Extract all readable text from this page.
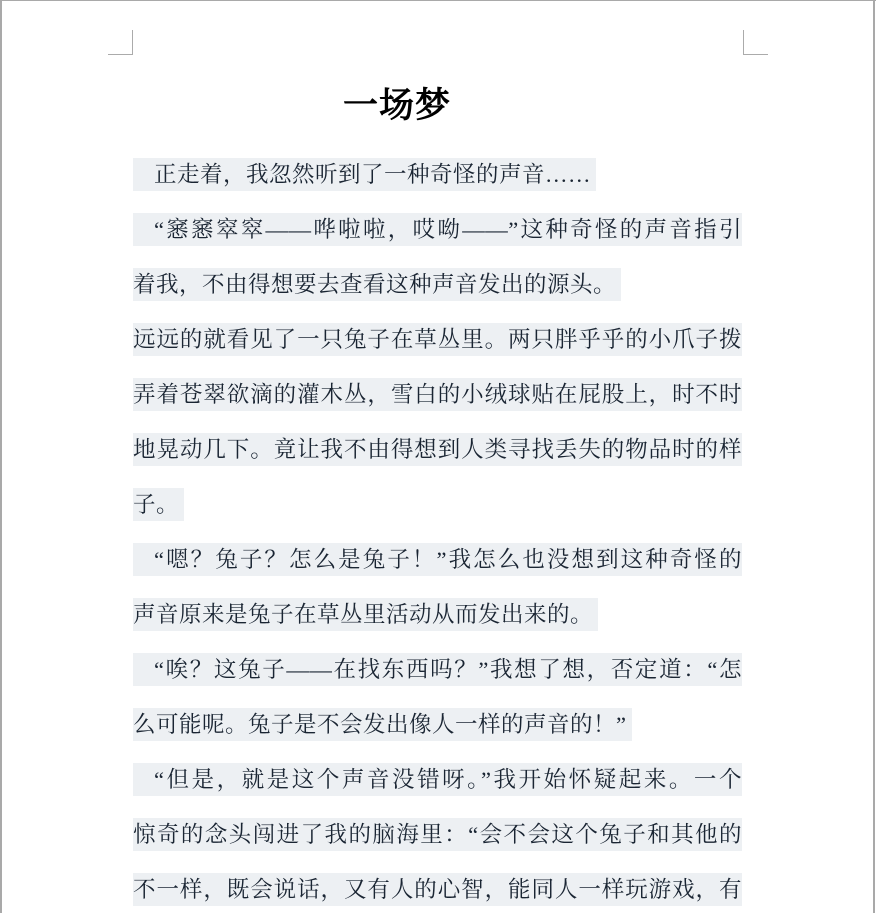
一场梦
正走着，我忽然听到了一种奇怪的声音……
“窸窸窣窣——哗啦啦，哎呦——”这种奇怪的声音指引
着我，不由得想要去查看这种声音发出的源头。
远远的就看见了一只兔子在草丛里。两只胖乎乎的小爪子拨
弄着苍翠欲滴的灌木丛，雪白的小绒球贴在屁股上，时不时
地晃动几下。竟让我不由得想到人类寻找丢失的物品时的样
子。
“嗯？兔子？怎么是兔子！”我怎么也没想到这种奇怪的
声音原来是兔子在草丛里活动从而发出来的。
“唉？这兔子——在找东西吗？”我想了想，否定道：“怎
么可能呢。兔子是不会发出像人一样的声音的！”
“但是，就是这个声音没错呀。”我开始怀疑起来。一个
惊奇的念头闯进了我的脑海里：“会不会这个兔子和其他的
不一样，既会说话，又有人的心智，能同人一样玩游戏，有
